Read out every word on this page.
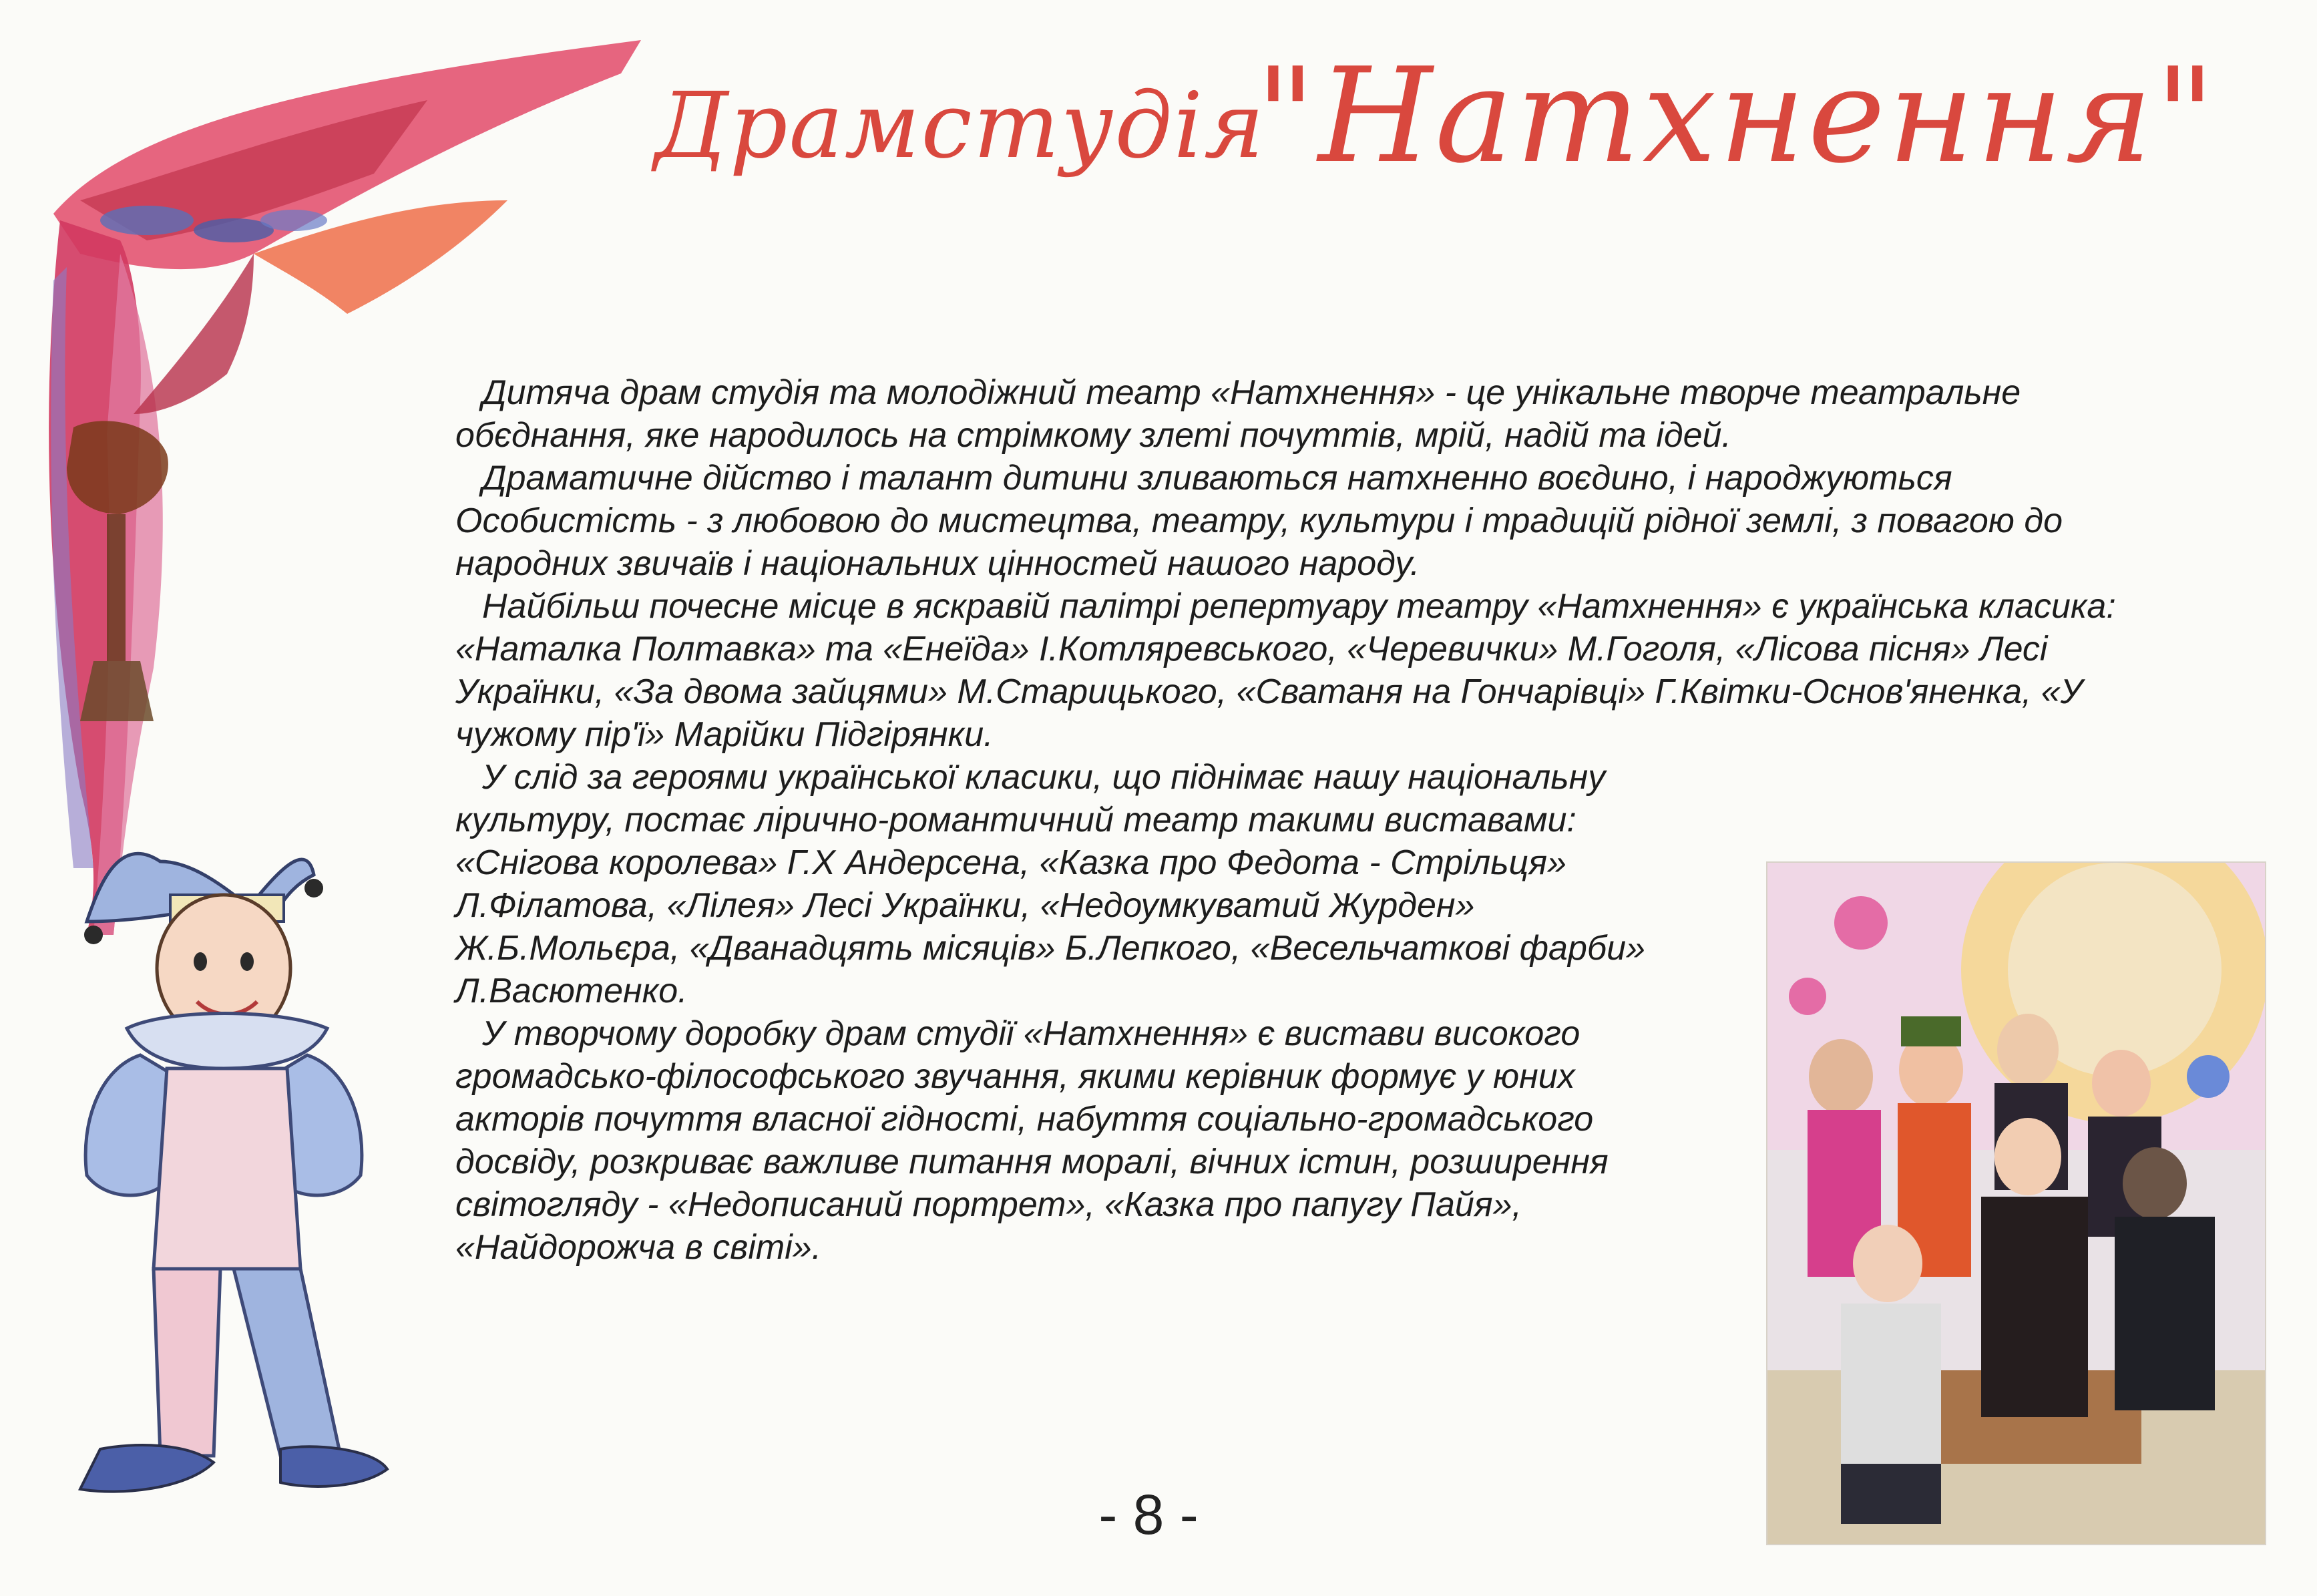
Драмстудія
"Натхнення"

Дитяча драм студія та молодіжний театр «Натхнення» - це унікальне творче театральне обєднання, яке народилось на стрімкому злеті почуттів, мрій, надій та ідей.

Драматичне дійство і талант дитини зливаються натхненно воєдино, і народжуються Особистість - з любовою до мистецтва, театру, культури і традицій рідної землі, з повагою до народних звичаїв і національних цінностей нашого народу.

Найбільш почесне місце в яскравій палітрі репертуару театру «Натхнення» є українська класика: «Наталка Полтавка» та «Енеїда» І.Котляревського, «Черевички» М.Гоголя, «Лісова пісня» Лесі Українки, «За двома зайцями» М.Старицького, «Сватаня на Гончарівці» Г.Квітки-Основ'яненка, «У чужому пір'ї» Марійки Підгірянки.

У слід за героями української класики, що піднімає нашу національну культуру, постає лірично-романтичний театр такими виставами: «Снігова королева» Г.Х Андерсена, «Казка про Федота - Стрільця» Л.Філатова, «Лілея» Лесі Українки, «Недоумкуватий Журден» Ж.Б.Мольєра, «Дванадцять місяців» Б.Лепкого, «Весельчаткові фарби» Л.Васютенко.

У творчому доробку драм студії «Натхнення» є вистави високого громадсько-філософського звучання, якими керівник формує у юних акторів почуття власної гідності, набуття соціально-громадського досвіду, розкриває важливе питання моралі, вічних істин, розширення світогляду - «Недописаний портрет», «Казка про папугу Пайя», «Найдорожча в світі».

- 8 -
